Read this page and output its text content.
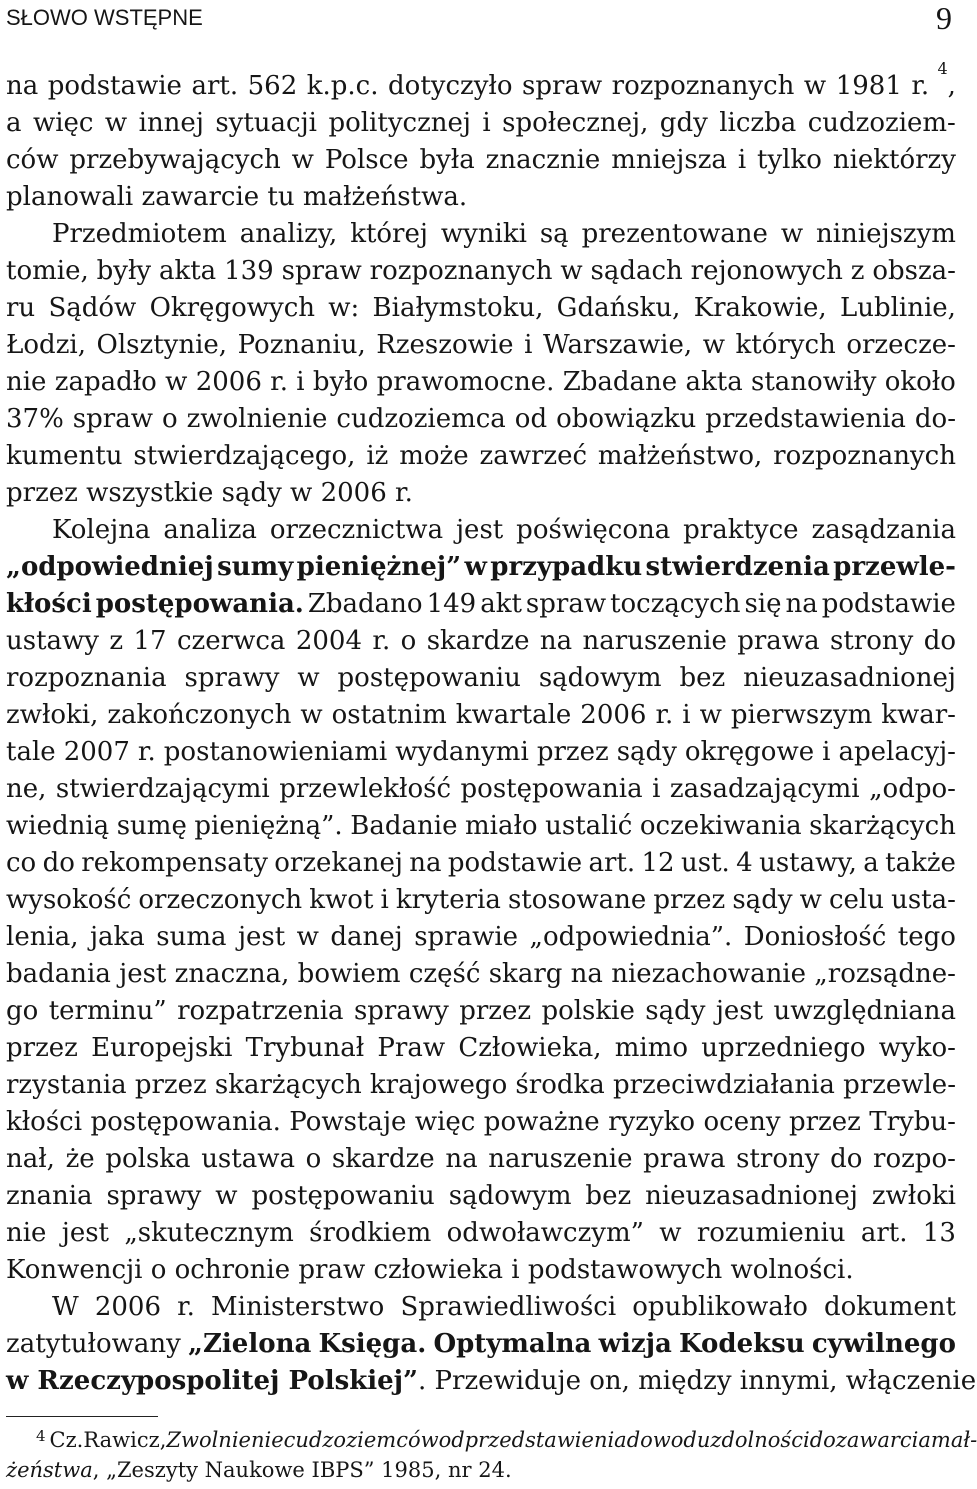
SŁOWO WSTĘPNE	9
na podstawie art. 562 k.p.c. dotyczyło spraw rozpoznanych w 1981 r. $^4$,
a więc w innej sytuacji politycznej i społecznej, gdy liczba cudzoziem-
ców przebywających w Polsce była znacznie mniejsza i tylko niektórzy
planowali zawarcie tu małżeństwa.
Przedmiotem analizy, której wyniki są prezentowane w niniejszym
tomie, były akta 139 spraw rozpoznanych w sądach rejonowych z obsza-
ru Sądów Okręgowych w: Białymstoku, Gdańsku, Krakowie, Lublinie,
Łodzi, Olsztynie, Poznaniu, Rzeszowie i Warszawie, w których orzecze-
nie zapadło w 2006 r. i było prawomocne. Zbadane akta stanowiły około
37% spraw o zwolnienie cudzoziemca od obowiązku przedstawienia do-
kumentu stwierdzającego, iż może zawrzeć małżeństwo, rozpoznanych
przez wszystkie sądy w 2006 r.
Kolejna analiza orzecznictwa jest poświęcona praktyce zasądzania
„odpowiedniej sumy pieniężnej” w przypadku stwierdzenia przewle-
kłości postępowania. Zbadano 149 akt spraw toczących się na podstawie
ustawy z 17 czerwca 2004 r. o skardze na naruszenie prawa strony do
rozpoznania sprawy w postępowaniu sądowym bez nieuzasadnionej
zwłoki, zakończonych w ostatnim kwartale 2006 r. i w pierwszym kwar-
tale 2007 r. postanowieniami wydanymi przez sądy okręgowe i apelacyj-
ne, stwierdzającymi przewlekłość postępowania i zasadzającymi „odpo-
wiednią sumę pieniężną”. Badanie miało ustalić oczekiwania skarżących
co do rekompensaty orzekanej na podstawie art. 12 ust. 4 ustawy, a także
wysokość orzeczonych kwot i kryteria stosowane przez sądy w celu usta-
lenia, jaka suma jest w danej sprawie „odpowiednia”. Doniosłość tego
badania jest znaczna, bowiem część skarg na niezachowanie „rozsądne-
go terminu” rozpatrzenia sprawy przez polskie sądy jest uwzględniana
przez Europejski Trybunał Praw Człowieka, mimo uprzedniego wyko-
rzystania przez skarżących krajowego środka przeciwdziałania przewle-
kłości postępowania. Powstaje więc poważne ryzyko oceny przez Trybu-
nał, że polska ustawa o skardze na naruszenie prawa strony do rozpo-
znania sprawy w postępowaniu sądowym bez nieuzasadnionej zwłoki
nie jest „skutecznym środkiem odwoławczym” w rozumieniu art. 13
Konwencji o ochronie praw człowieka i podstawowych wolności.
W 2006 r. Ministerstwo Sprawiedliwości opublikowało dokument
zatytułowany „Zielona Księga. Optymalna wizja Kodeksu cywilnego
w Rzeczypospolitej Polskiej” . Przewiduje on, między innymi, włączenie
$^4$ Cz. Rawicz, Zwolnienie cudzoziemców od przedstawienia dowodu zdolności do zawarcia mał-
żeństwa , „Zeszyty Naukowe IBPS” 1985, nr 24.
